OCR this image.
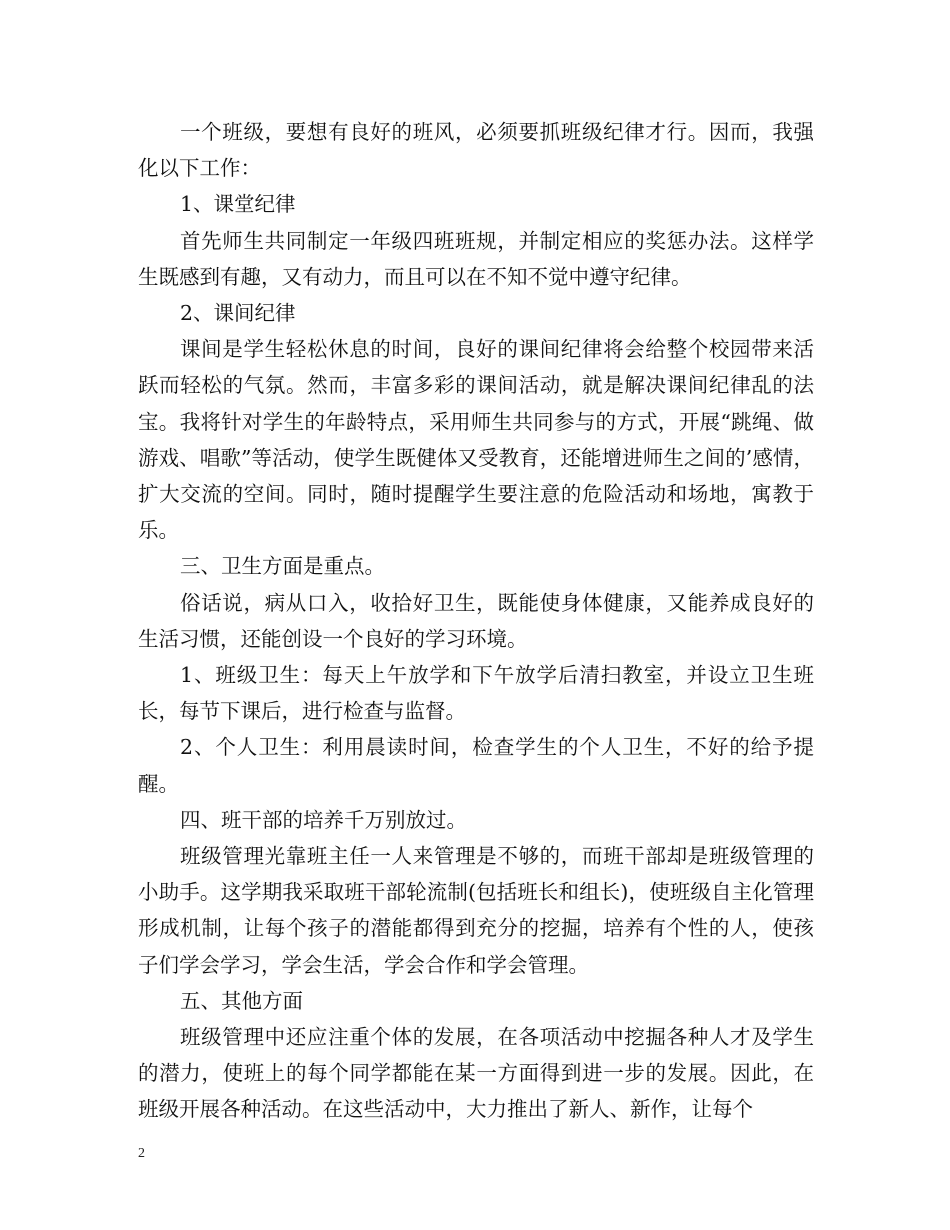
一个班级，要想有良好的班风，必须要抓班级纪律才行。因而，我强化以下工作：

1、课堂纪律

首先师生共同制定一年级四班班规，并制定相应的奖惩办法。这样学生既感到有趣，又有动力，而且可以在不知不觉中遵守纪律。

2、课间纪律

课间是学生轻松休息的时间，良好的课间纪律将会给整个校园带来活跃而轻松的气氛。然而，丰富多彩的课间活动，就是解决课间纪律乱的法宝。我将针对学生的年龄特点，采用师生共同参与的方式，开展“跳绳、做游戏、唱歌”等活动，使学生既健体又受教育，还能增进师生之间的’感情，扩大交流的空间。同时，随时提醒学生要注意的危险活动和场地，寓教于乐。

三、卫生方面是重点。

俗话说，病从口入，收拾好卫生，既能使身体健康，又能养成良好的生活习惯，还能创设一个良好的学习环境。

1、班级卫生：每天上午放学和下午放学后清扫教室，并设立卫生班长，每节下课后，进行检查与监督。

2、个人卫生：利用晨读时间，检查学生的个人卫生，不好的给予提醒。

四、班干部的培养千万别放过。

班级管理光靠班主任一人来管理是不够的，而班干部却是班级管理的小助手。这学期我采取班干部轮流制(包括班长和组长)，使班级自主化管理形成机制，让每个孩子的潜能都得到充分的挖掘，培养有个性的人，使孩子们学会学习，学会生活，学会合作和学会管理。

五、其他方面

班级管理中还应注重个体的发展，在各项活动中挖掘各种人才及学生的潜力，使班上的每个同学都能在某一方面得到进一步的发展。因此，在班级开展各种活动。在这些活动中，大力推出了新人、新作，让每个

2
